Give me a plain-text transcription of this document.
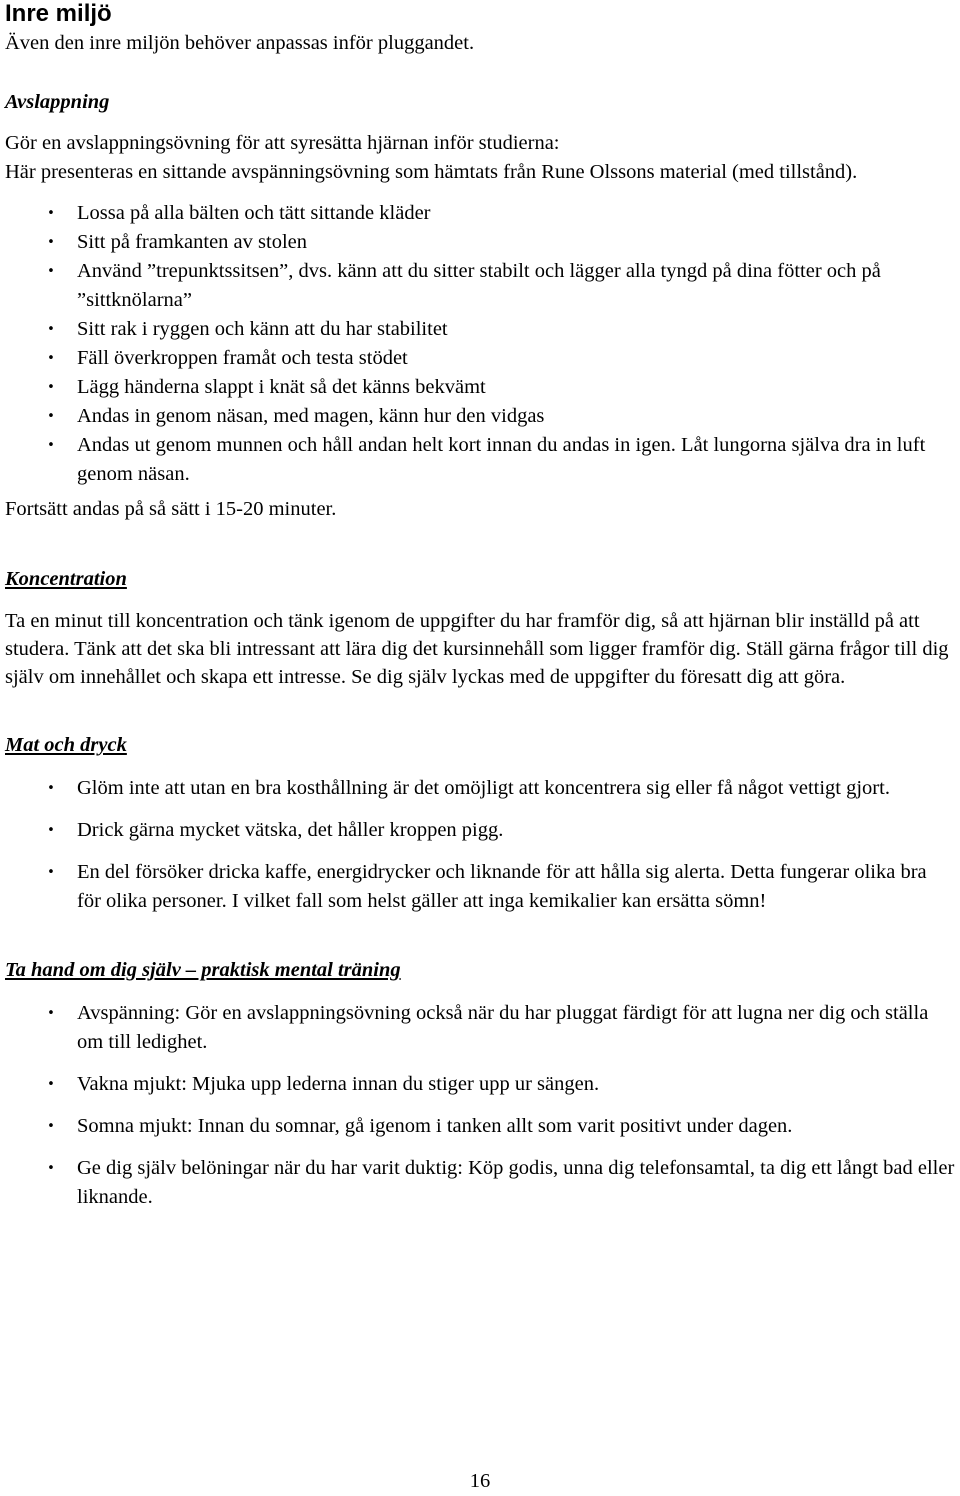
Inre miljö

Även den inre miljön behöver anpassas inför pluggandet.

Avslappning

Gör en avslappningsövning för att syresätta hjärnan inför studierna:

Här presenteras en sittande avspänningsövning som hämtats från Rune Olssons material (med tillstånd).

•	Lossa på alla bälten och tätt sittande kläder
•	Sitt på framkanten av stolen
•	Använd ”trepunktssitsen”, dvs. känn att du sitter stabilt och lägger alla tyngd på dina fötter och på ”sittknölarna”
•	Sitt rak i ryggen och känn att du har stabilitet
•	Fäll överkroppen framåt och testa stödet
•	Lägg händerna slappt i knät så det känns bekvämt
•	Andas in genom näsan, med magen, känn hur den vidgas
•	Andas ut genom munnen och håll andan helt kort innan du andas in igen. Låt lungorna själva dra in luft genom näsan.

Fortsätt andas på så sätt i 15-20 minuter.

Koncentration

Ta en minut till koncentration och tänk igenom de uppgifter du har framför dig, så att hjärnan blir inställd på att studera. Tänk att det ska bli intressant att lära dig det kursinnehåll som ligger framför dig. Ställ gärna frågor till dig själv om innehållet och skapa ett intresse. Se dig själv lyckas med de uppgifter du föresatt dig att göra.

Mat och dryck

•	Glöm inte att utan en bra kosthållning är det omöjligt att koncentrera sig eller få något vettigt gjort.
•	Drick gärna mycket vätska, det håller kroppen pigg.
•	En del försöker dricka kaffe, energidrycker och liknande för att hålla sig alerta. Detta fungerar olika bra för olika personer. I vilket fall som helst gäller att inga kemikalier kan ersätta sömn!

Ta hand om dig själv – praktisk mental träning

•	Avspänning: Gör en avslappningsövning också när du har pluggat färdigt för att lugna ner dig och ställa om till ledighet.
•	Vakna mjukt: Mjuka upp lederna innan du stiger upp ur sängen.
•	Somna mjukt: Innan du somnar, gå igenom i tanken allt som varit positivt under dagen.
•	Ge dig själv belöningar när du har varit duktig: Köp godis, unna dig telefonsamtal, ta dig ett långt bad eller liknande.
16
